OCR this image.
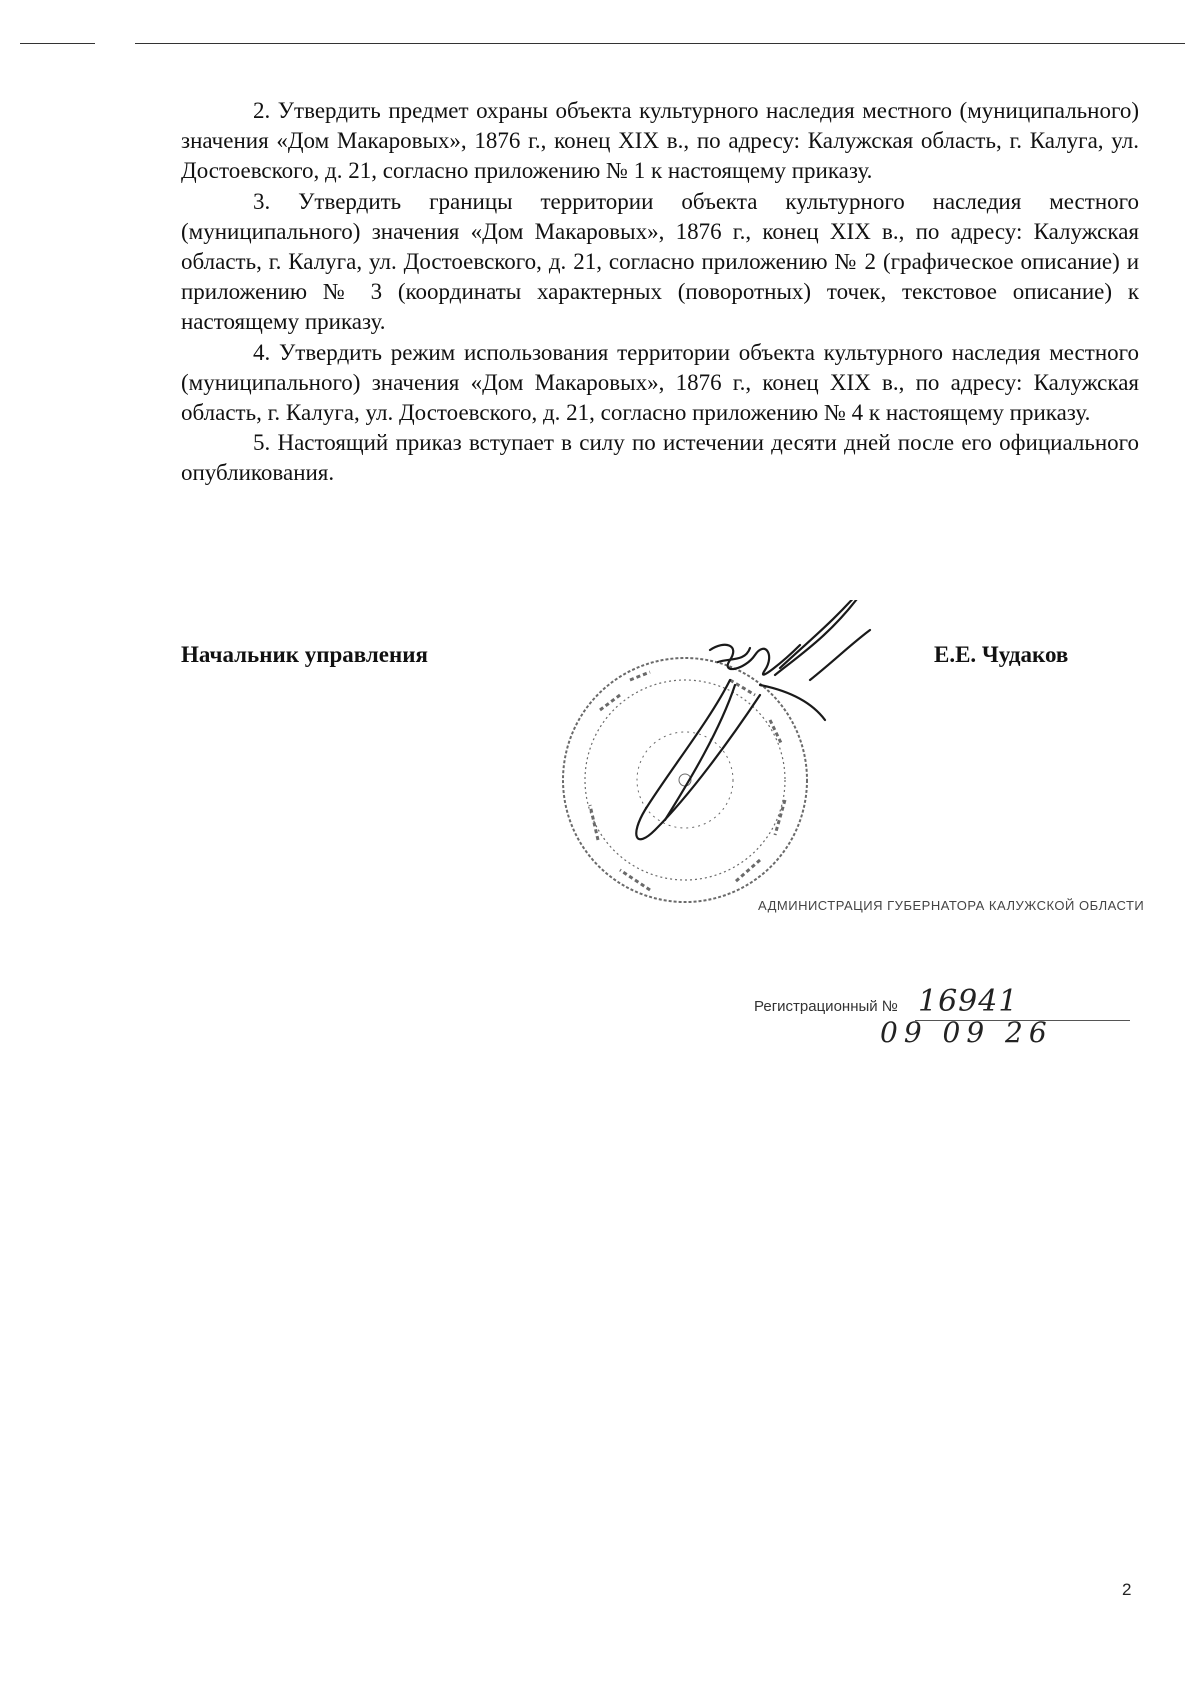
2. Утвердить предмет охраны объекта культурного наследия местного (муниципального) значения «Дом Макаровых», 1876 г., конец XIX в., по адресу: Калужская область, г. Калуга, ул. Достоевского, д. 21, согласно приложению № 1 к настоящему приказу.

3. Утвердить границы территории объекта культурного наследия местного (муниципального) значения «Дом Макаровых», 1876 г., конец XIX в., по адресу: Калужская область, г. Калуга, ул. Достоевского, д. 21, согласно приложению № 2 (графическое описание) и приложению № 3 (координаты характерных (поворотных) точек, текстовое описание) к настоящему приказу.

4. Утвердить режим использования территории объекта культурного наследия местного (муниципального) значения «Дом Макаровых», 1876 г., конец XIX в., по адресу: Калужская область, г. Калуга, ул. Достоевского, д. 21, согласно приложению № 4 к настоящему приказу.

5. Настоящий приказ вступает в силу по истечении десяти дней после его официального опубликования.

Начальник управления	Е.Е. Чудаков
АДМИНИСТРАЦИЯ ГУБЕРНАТОРА КАЛУЖСКОЙ ОБЛАСТИ
Регистрационный № 16941
09 09 26
2
